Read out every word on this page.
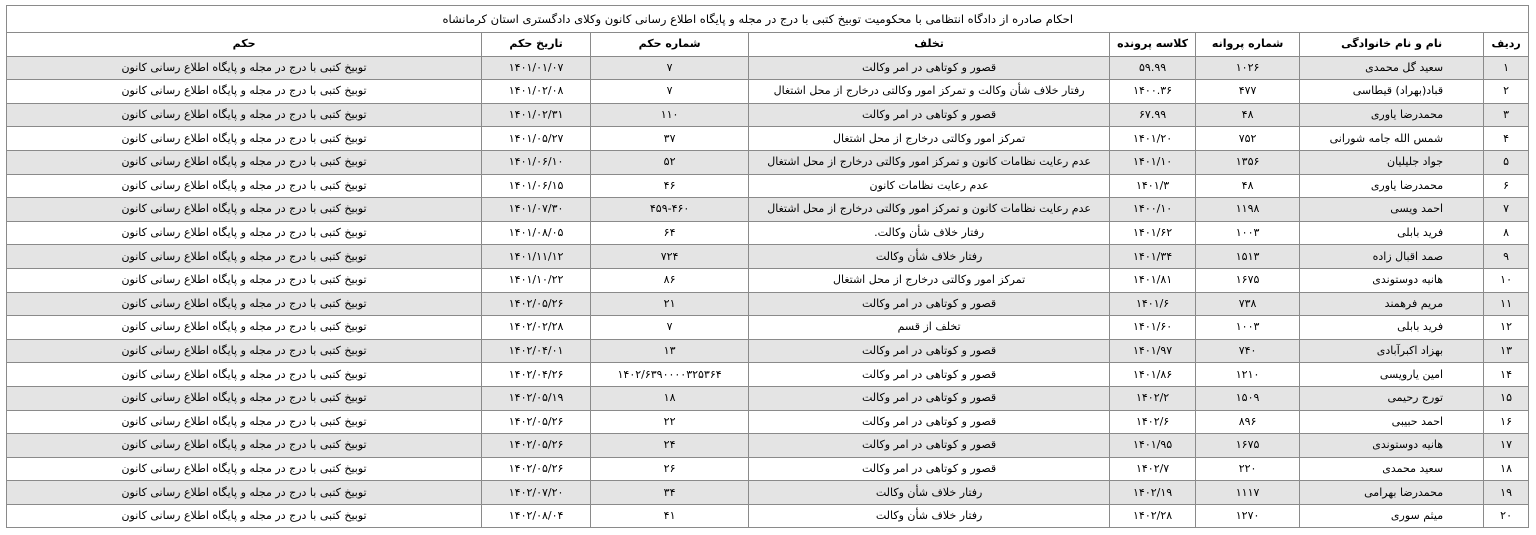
احکام صادره از دادگاه انتظامی با محکومیت توبیخ کتبی با درج در مجله و پایگاه اطلاع رسانی کانون وکلای دادگستری استان کرمانشاه							
ردیف	نام و نام خانوادگی	شماره پروانه	کلاسه پرونده	تخلف	شماره حکم	تاریخ حکم	حکم
۱	سعید گل محمدی	۱۰۲۶	۵۹.۹۹	قصور و کوتاهی در امر وکالت	۷	۱۴۰۱/۰۱/۰۷	توبیخ کتبی با درج در مجله و پایگاه اطلاع رسانی کانون
۲	قباد(بهراد) قیطاسی	۴۷۷	۱۴۰۰.۳۶	رفتار خلاف شأن وکالت و تمرکز امور وکالتی درخارج از محل اشتغال	۷	۱۴۰۱/۰۲/۰۸	توبیخ کتبی با درج در مجله و پایگاه اطلاع رسانی کانون
۳	محمدرضا یاوری	۴۸	۶۷.۹۹	قصور و کوتاهی در امر وکالت	۱۱۰	۱۴۰۱/۰۲/۳۱	توبیخ کتبی با درج در مجله و پایگاه اطلاع رسانی کانون
۴	شمس الله جامه شورانی	۷۵۲	۱۴۰۱/۲۰	تمرکز امور وکالتی درخارج از محل اشتغال	۳۷	۱۴۰۱/۰۵/۲۷	توبیخ کتبی با درج در مجله و پایگاه اطلاع رسانی کانون
۵	جواد جلیلیان	۱۳۵۶	۱۴۰۱/۱۰	عدم رعایت نظامات کانون و تمرکز امور وکالتی درخارج از محل اشتغال	۵۲	۱۴۰۱/۰۶/۱۰	توبیخ کتبی با درج در مجله و پایگاه اطلاع رسانی کانون
۶	محمدرضا یاوری	۴۸	۱۴۰۱/۳	عدم رعایت نظامات کانون	۴۶	۱۴۰۱/۰۶/۱۵	توبیخ کتبی با درج در مجله و پایگاه اطلاع رسانی کانون
۷	احمد ویسی	۱۱۹۸	۱۴۰۰/۱۰	عدم رعایت نظامات کانون و تمرکز امور وکالتی درخارج از محل اشتغال	۴۵۹-۴۶۰	۱۴۰۱/۰۷/۳۰	توبیخ کتبی با درج در مجله و پایگاه اطلاع رسانی کانون
۸	فرید بابلی	۱۰۰۳	۱۴۰۱/۶۲	رفتار خلاف شأن وکالت.	۶۴	۱۴۰۱/۰۸/۰۵	توبیخ کتبی با درج در مجله و پایگاه اطلاع رسانی کانون
۹	صمد اقبال زاده	۱۵۱۳	۱۴۰۱/۳۴	رفتار خلاف شأن وکالت	۷۲۴	۱۴۰۱/۱۱/۱۲	توبیخ کتبی با درج در مجله و پایگاه اطلاع رسانی کانون
۱۰	هانیه دوستوندی	۱۶۷۵	۱۴۰۱/۸۱	تمرکز امور وکالتی درخارج از محل اشتغال	۸۶	۱۴۰۱/۱۰/۲۲	توبیخ کتبی با درج در مجله و پایگاه اطلاع رسانی کانون
۱۱	مریم فرهمند	۷۳۸	۱۴۰۱/۶	قصور و کوتاهی در امر وکالت	۲۱	۱۴۰۲/۰۵/۲۶	توبیخ کتبی با درج در مجله و پایگاه اطلاع رسانی کانون
۱۲	فرید بابلی	۱۰۰۳	۱۴۰۱/۶۰	تخلف از قسم	۷	۱۴۰۲/۰۲/۲۸	توبیخ کتبی با درج در مجله و پایگاه اطلاع رسانی کانون
۱۳	بهزاد اکبرآبادی	۷۴۰	۱۴۰۱/۹۷	قصور و کوتاهی در امر وکالت	۱۳	۱۴۰۲/۰۴/۰۱	توبیخ کتبی با درج در مجله و پایگاه اطلاع رسانی کانون
۱۴	امین یارویسی	۱۲۱۰	۱۴۰۱/۸۶	قصور و کوتاهی در امر وکالت	۱۴۰۲/۶۳۹۰۰۰۰۳۲۵۳۶۴	۱۴۰۲/۰۴/۲۶	توبیخ کتبی با درج در مجله و پایگاه اطلاع رسانی کانون
۱۵	تورج رحیمی	۱۵۰۹	۱۴۰۲/۲	قصور و کوتاهی در امر وکالت	۱۸	۱۴۰۲/۰۵/۱۹	توبیخ کتبی با درج در مجله و پایگاه اطلاع رسانی کانون
۱۶	احمد حبیبی	۸۹۶	۱۴۰۲/۶	قصور و کوتاهی در امر وکالت	۲۲	۱۴۰۲/۰۵/۲۶	توبیخ کتبی با درج در مجله و پایگاه اطلاع رسانی کانون
۱۷	هانیه دوستوندی	۱۶۷۵	۱۴۰۱/۹۵	قصور و کوتاهی در امر وکالت	۲۴	۱۴۰۲/۰۵/۲۶	توبیخ کتبی با درج در مجله و پایگاه اطلاع رسانی کانون
۱۸	سعید محمدی	۲۲۰	۱۴۰۲/۷	قصور و کوتاهی در امر وکالت	۲۶	۱۴۰۲/۰۵/۲۶	توبیخ کتبی با درج در مجله و پایگاه اطلاع رسانی کانون
۱۹	محمدرضا بهرامی	۱۱۱۷	۱۴۰۲/۱۹	رفتار خلاف شأن وکالت	۳۴	۱۴۰۲/۰۷/۲۰	توبیخ کتبی با درج در مجله و پایگاه اطلاع رسانی کانون
۲۰	میثم سوری	۱۲۷۰	۱۴۰۲/۲۸	رفتار خلاف شأن وکالت	۴۱	۱۴۰۲/۰۸/۰۴	توبیخ کتبی با درج در مجله و پایگاه اطلاع رسانی کانون
